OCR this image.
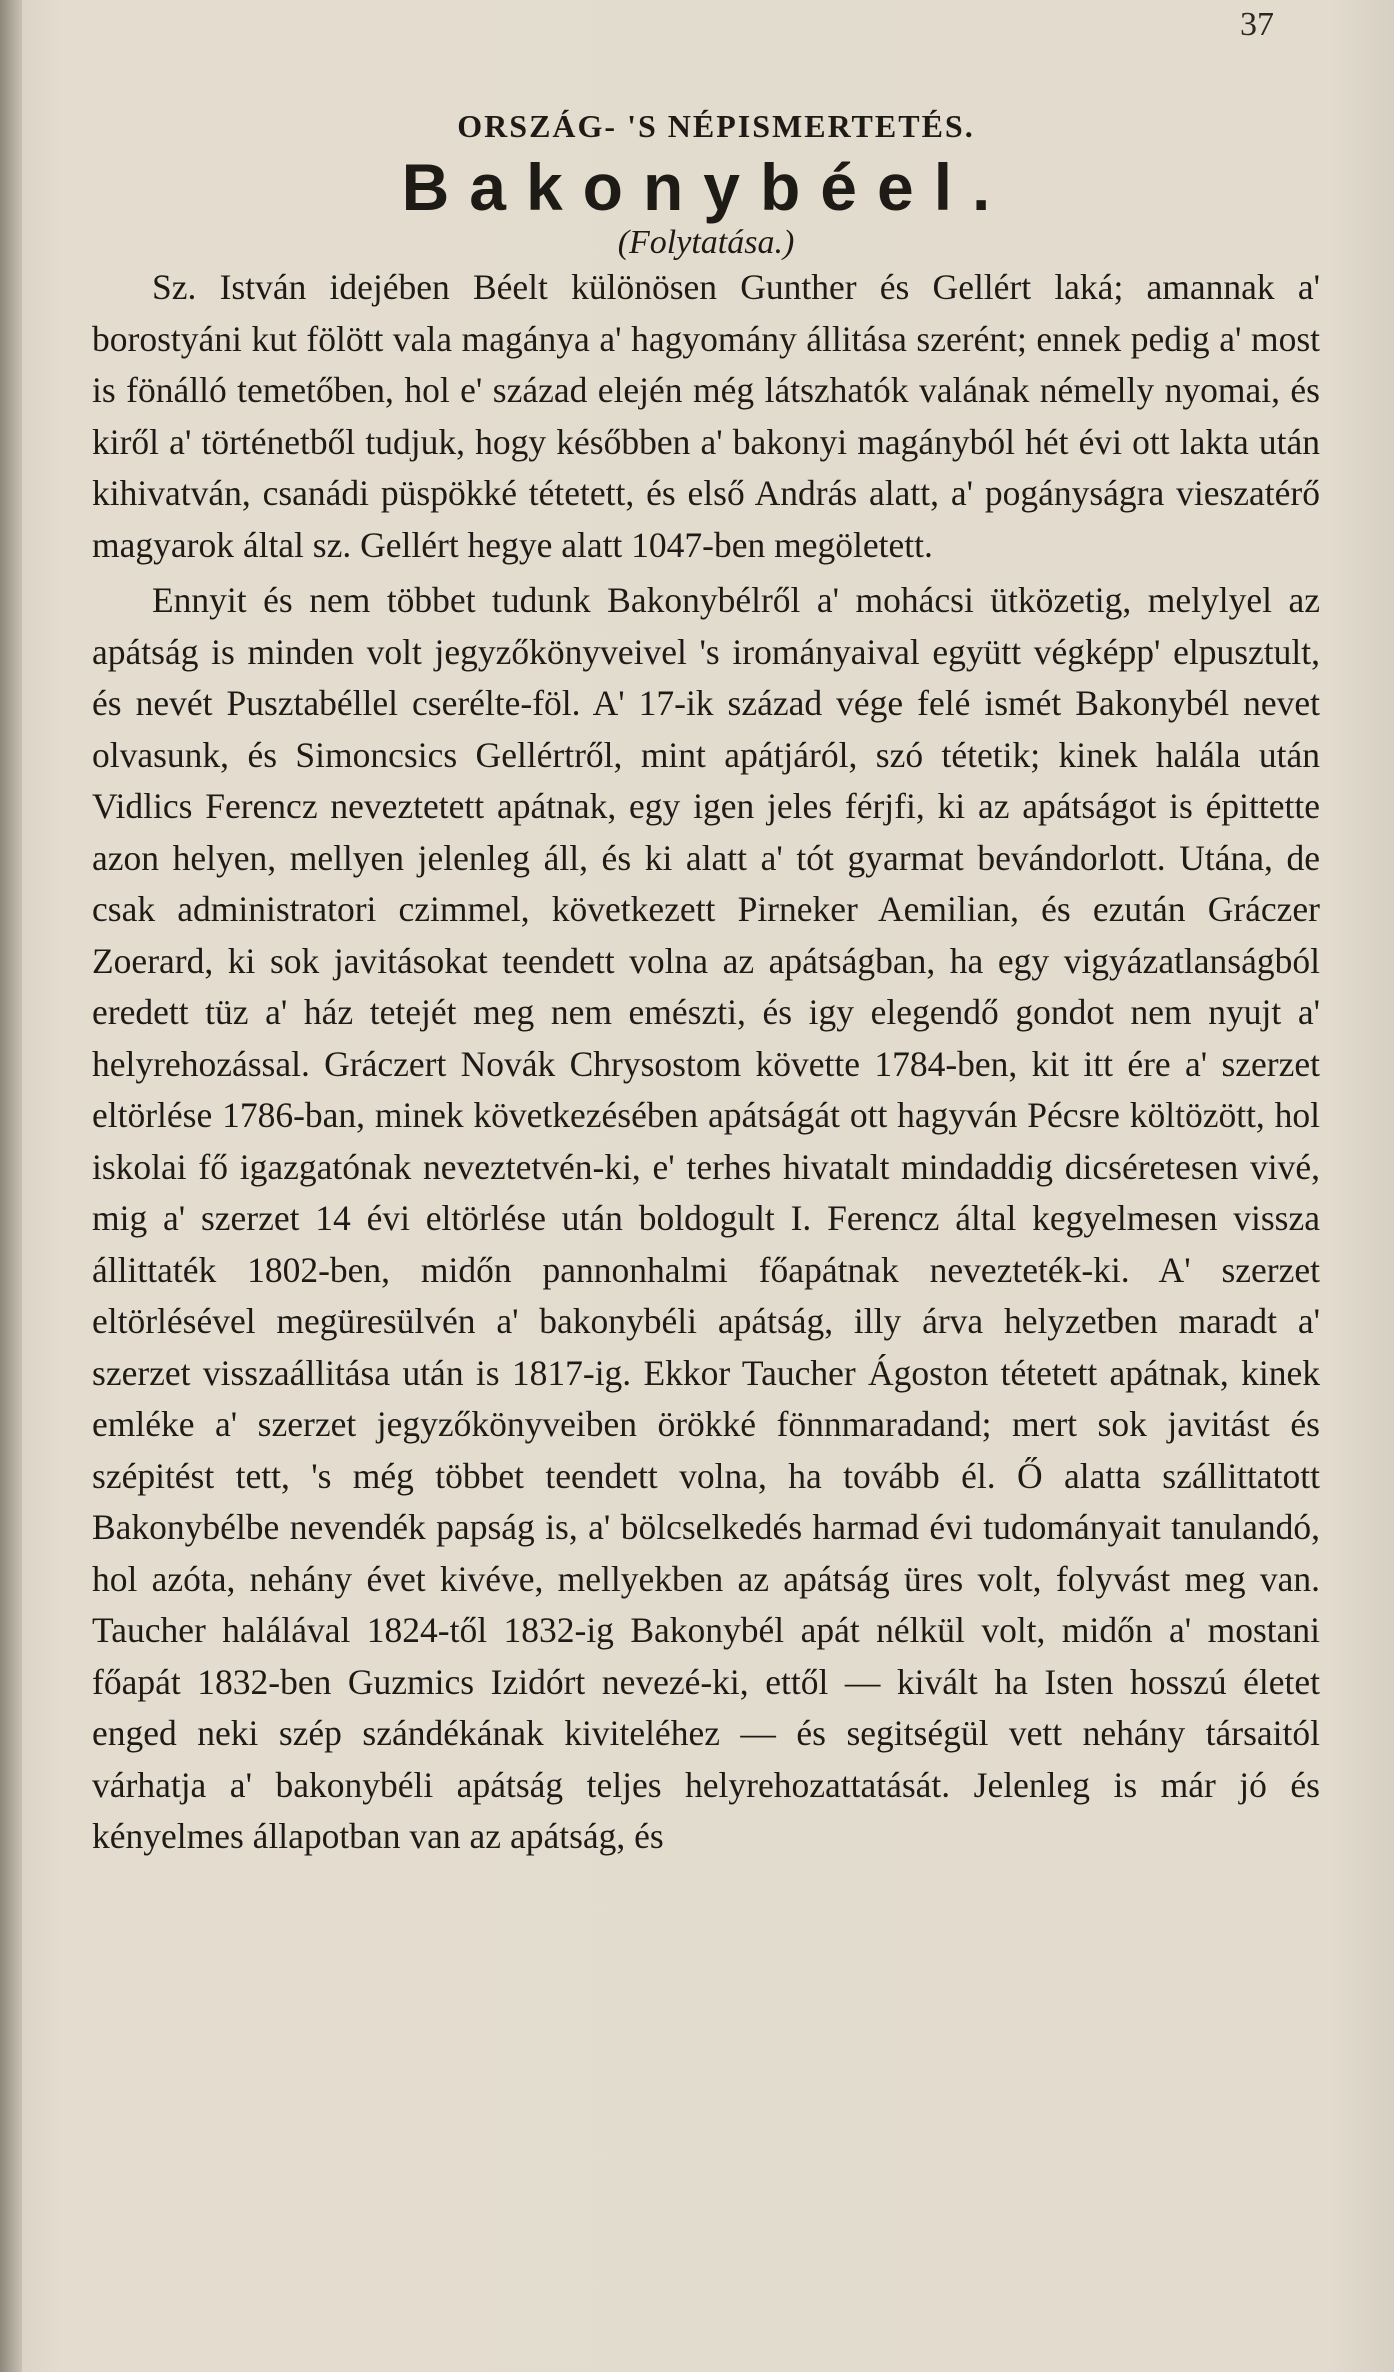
37
ORSZÁG- 'S NÉPISMERTETÉS.
Bakonybéel.
(Folytatása.)

Sz. István idejében Béelt különösen Gunther és Gellért laká; amannak a' borostyáni kut fölött vala magánya a' hagyomány állitása szerént; ennek pedig a' most is fönálló temetőben, hol e' század elején még látszhatók valának némelly nyomai, és kiről a' történetből tudjuk, hogy későbben a' bakonyi magányból hét évi ott lakta után kihivatván, csanádi püspökké tétetett, és első András alatt, a' pogányságra vieszatérő magyarok által sz. Gellért hegye alatt 1047-ben megöletett.

Ennyit és nem többet tudunk Bakonybélről a' mohácsi ütközetig, melylyel az apátság is minden volt jegyzőkönyveivel 's irományaival együtt végképp' elpusztult, és nevét Pusztabéllel cserélte-föl. A' 17-ik század vége felé ismét Bakonybél nevet olvasunk, és Simoncsics Gellértről, mint apátjáról, szó tétetik; kinek halála után Vidlics Ferencz neveztetett apátnak, egy igen jeles férjfi, ki az apátságot is épittette azon helyen, mellyen jelenleg áll, és ki alatt a' tót gyarmat bevándorlott. Utána, de csak administratori czimmel, következett Pirneker Aemilian, és ezután Gráczer Zoerard, ki sok javitásokat teendett volna az apátságban, ha egy vigyázatlanságból eredett tüz a' ház tetejét meg nem emészti, és igy elegendő gondot nem nyujt a' helyrehozással. Gráczert Novák Chrysostom követte 1784-ben, kit itt ére a' szerzet eltörlése 1786-ban, minek következésében apátságát ott hagyván Pécsre költözött, hol iskolai fő igazgatónak neveztetvén-ki, e' terhes hivatalt mindaddig dicséretesen vivé, mig a' szerzet 14 évi eltörlése után boldogult I. Ferencz által kegyelmesen vissza állittaték 1802-ben, midőn pannonhalmi főapátnak nevezteték-ki. A' szerzet eltörlésével megüresülvén a' bakonybéli apátság, illy árva helyzetben maradt a' szerzet visszaállitása után is 1817-ig. Ekkor Taucher Ágoston tétetett apátnak, kinek emléke a' szerzet jegyzőkönyveiben örökké fönnmaradand; mert sok javitást és szépitést tett, 's még többet teendett volna, ha tovább él. Ő alatta szállittatott Bakonybélbe nevendék papság is, a' bölcselkedés harmad évi tudományait tanulandó, hol azóta, nehány évet kivéve, mellyekben az apátság üres volt, folyvást meg van. Taucher halálával 1824-től 1832-ig Bakonybél apát nélkül volt, midőn a' mostani főapát 1832-ben Guzmics Izidórt nevezé-ki, ettől — kivált ha Isten hosszú életet enged neki szép szándékának kiviteléhez — és segitségül vett nehány társaitól várhatja a' bakonybéli apátság teljes helyrehozattatását. Jelenleg is már jó és kényelmes állapotban van az apátság, és
